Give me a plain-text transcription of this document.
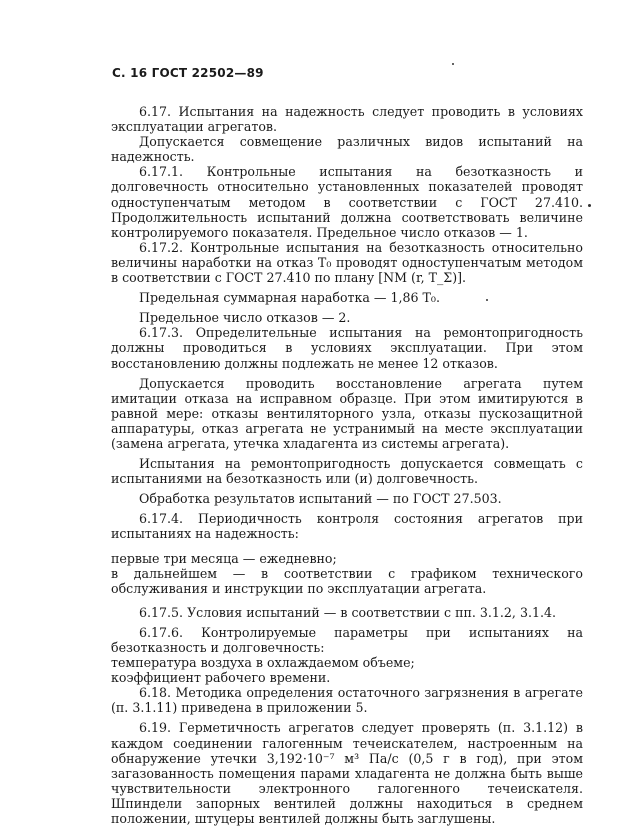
С. 16 ГОСТ 22502—89

6.17. Испытания на надежность следует проводить в условиях эксплуатации агрегатов.

Допускается совмещение различных видов испытаний на надежность.

6.17.1. Контрольные испытания на безотказность и долговечность относительно установленных показателей проводят одноступенчатым методом в соответствии с ГОСТ 27.410. Продолжительность испытаний должна соответствовать величине контролируемого показателя. Предельное число отказов — 1.

6.17.2. Контрольные испытания на безотказность относительно величины наработки на отказ Т₀ проводят одноступенчатым методом в соответствии с ГОСТ 27.410 по плану [NM (r, T_Σ)].

Предельная суммарная наработка — 1,86 Т₀.

Предельное число отказов — 2.

6.17.3. Определительные испытания на ремонтопригодность должны проводиться в условиях эксплуатации. При этом восстановлению должны подлежать не менее 12 отказов.

Допускается проводить восстановление агрегата путем имитации отказа на исправном образце. При этом имитируются в равной мере: отказы вентиляторного узла, отказы пускозащитной аппаратуры, отказ агрегата не устранимый на месте эксплуатации (замена агрегата, утечка хладагента из системы агрегата).

Испытания на ремонтопригодность допускается совмещать с испытаниями на безотказность или (и) долговечность.

Обработка результатов испытаний — по ГОСТ 27.503.

6.17.4. Периодичность контроля состояния агрегатов при испытаниях на надежность:

первые три месяца — ежедневно;

в дальнейшем — в соответствии с графиком технического обслуживания и инструкции по эксплуатации агрегата.

6.17.5. Условия испытаний — в соответствии с пп. 3.1.2, 3.1.4.

6.17.6. Контролируемые параметры при испытаниях на безотказность и долговечность:

температура воздуха в охлаждаемом объеме;

коэффициент рабочего времени.

6.18. Методика определения остаточного загрязнения в агрегате (п. 3.1.11) приведена в приложении 5.

6.19. Герметичность агрегатов следует проверять (п. 3.1.12) в каждом соединении галогенным течеискателем, настроенным на обнаружение утечки 3,192·10⁻⁷ м³ Па/с (0,5 г в год), при этом загазованность помещения парами хладагента не должна быть выше чувствительности электронного галогенного течеискателя. Шпиндели запорных вентилей должны находиться в среднем положении, штуцеры вентилей должны быть заглушены.
